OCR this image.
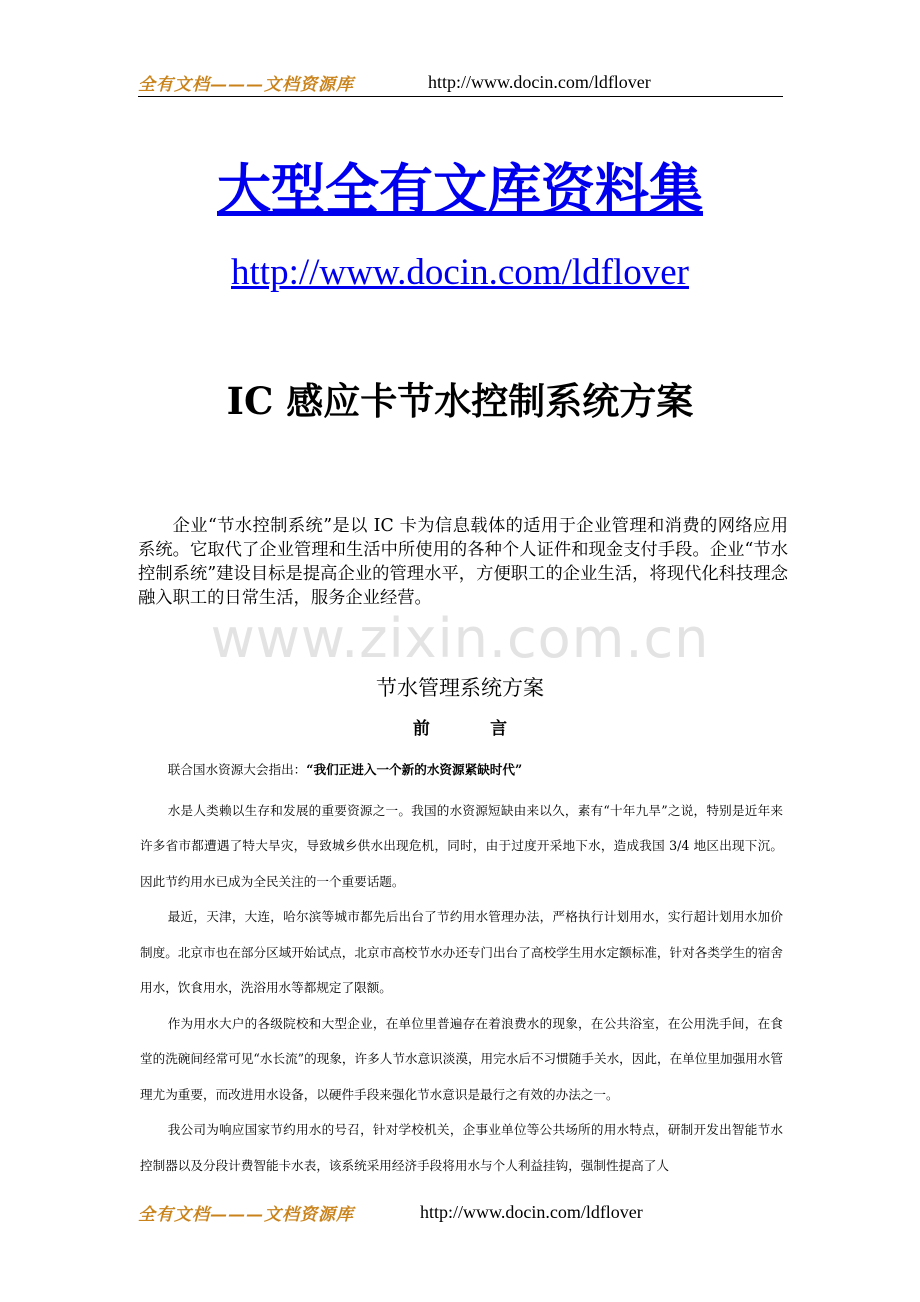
全有文档———文档资源库	http://www.docin.com/ldflover
大型全有文库资料集
http://www.docin.com/ldflover
IC 感应卡节水控制系统方案

企业“节水控制系统”是以 IC 卡为信息载体的适用于企业管理和消费的网络应用系统。它取代了企业管理和生活中所使用的各种个人证件和现金支付手段。企业“节水控制系统”建设目标是提高企业的管理水平，方便职工的企业生活，将现代化科技理念融入职工的日常生活，服务企业经营。

www.zixin.com.cn
节水管理系统方案
前 言

联合国水资源大会指出：“我们正进入一个新的水资源紧缺时代”

水是人类赖以生存和发展的重要资源之一。我国的水资源短缺由来以久，素有“十年九旱”之说，特别是近年来许多省市都遭遇了特大旱灾，导致城乡供水出现危机，同时，由于过度开采地下水，造成我国 3/4 地区出现下沉。因此节约用水已成为全民关注的一个重要话题。

最近，天津，大连，哈尔滨等城市都先后出台了节约用水管理办法，严格执行计划用水，实行超计划用水加价制度。北京市也在部分区域开始试点，北京市高校节水办还专门出台了高校学生用水定额标准，针对各类学生的宿舍用水，饮食用水，洗浴用水等都规定了限额。

作为用水大户的各级院校和大型企业，在单位里普遍存在着浪费水的现象，在公共浴室，在公用洗手间，在食堂的洗碗间经常可见“水长流”的现象，许多人节水意识淡漠，用完水后不习惯随手关水，因此，在单位里加强用水管理尤为重要，而改进用水设备，以硬件手段来强化节水意识是最行之有效的办法之一。

我公司为响应国家节约用水的号召，针对学校机关，企事业单位等公共场所的用水特点，研制开发出智能节水控制器以及分段计费智能卡水表，该系统采用经济手段将用水与个人利益挂钩，强制性提高了人

全有文档———文档资源库	http://www.docin.com/ldflover
